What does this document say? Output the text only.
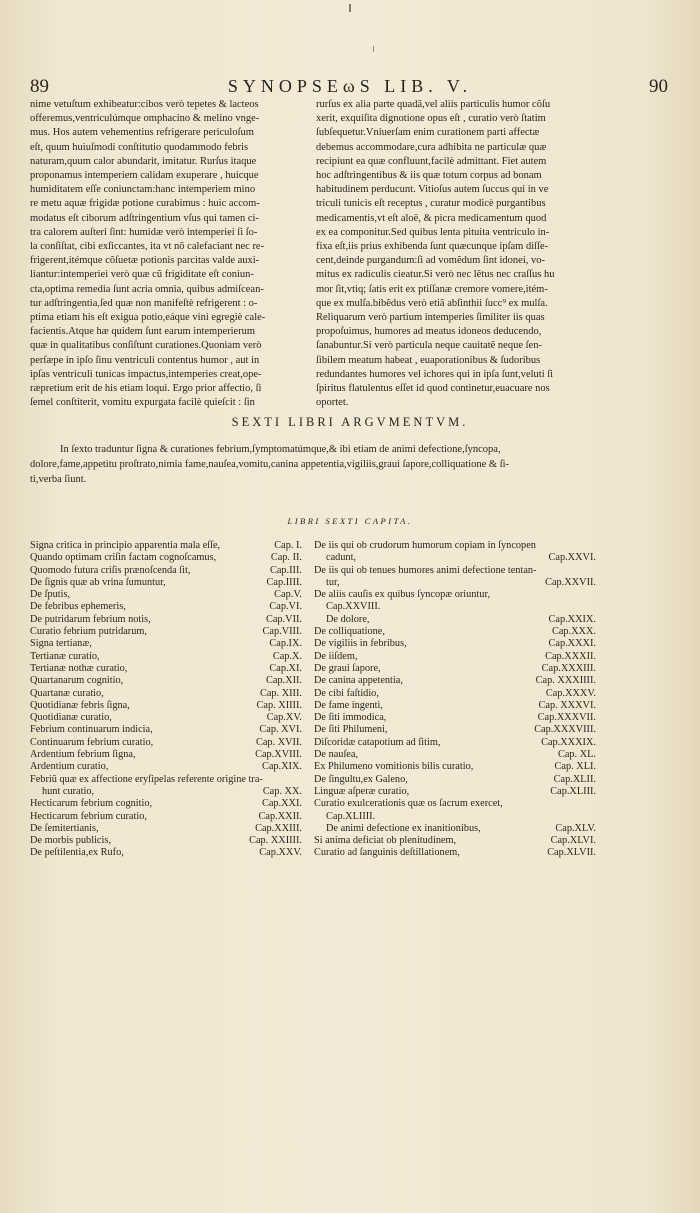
89	SYNOPSEωS LIB. V.	90
nime vetuſtum exhibeatur:cibos verò tepetes & lacteos
offeremus,ventriculúmque omphacino & melino vnge-
mus. Hos autem vehementius refrigerare periculoſum
eſt, quum huiuſmodi conſtitutio quodammodo febris
naturam,quum calor abundarit, imitatur. Rurſus itaque
proponamus intemperiem calidam exuperare , huicque
humiditatem eſſe coniunctam:hanc intemperiem mino
re metu aquæ frigidæ potione curabimus : huic accom-
modatus eſt ciborum adſtringentium vſus qui tamen ci-
tra calorem auſteri ſint: humidæ verò intemperiei ſi ſo-
la conſiſtat, cibi exſiccantes, ita vt nõ calefaciant nec re-
frigerent,itémque cõſuetæ potionis parcitas valde auxi-
liantur:intemperiei verò quæ cũ frigiditate eſt coniun-
cta,optima remedia ſunt acria omnia, quibus admiſcean-
tur adſtringentia,ſed quæ non manifeſtè refrigerent : o-
ptima etiam his eſt exigua potio,eáque vini egregiè cale-
facientis.Atque hæ quidem ſunt earum intemperierum
quæ in qualitatibus conſiſtunt curationes.Quoniam verò
perſæpe in ipſo ſinu ventriculi contentus humor , aut in
ipſas ventriculi tunicas impactus,intemperies creat,ope-
ræpretium erit de his etiam loqui. Ergo prior affectio, ſi
ſemel conſtiterit, vomitu expurgata facilè quieſcit : ſin
rurſus ex alia parte quadã,vel aliis particulis humor cõſu
xerit, exquiſita dignotione opus eſt , curatio verò ſtatim
ſubſequetur.Vniuerſam enim curationem parti affectæ
debemus accommodare,cura adhibita ne particulæ quæ
recipiunt ea quæ confluunt,facilè admittant. Fiet autem
hoc adſtringentibus & iis quæ totum corpus ad bonam
habitudinem perducunt. Vitioſus autem ſuccus qui in ve
triculi tunicis eſt receptus , curatur modicè purgantibus
medicamentis,vt eſt aloë, & picra medicamentum quod
ex ea componitur.Sed quibus lenta pituita ventriculo in-
fixa eſt,iis prius exhibenda ſunt quæcunque ipſam diſſe-
cent,deinde purgandum:ſi ad vomĕdum ſint idonei, vo-
mitus ex radiculis cieatur.Si verò nec lẽtus nec craſſus hu
mor ſit,vtiq; ſatis erit ex ptiſſanæ cremore vomere,itém-
que ex mulſa.bibẽdus verò etiã abſinthii ſucc⁹ ex mulſa.
Reliquarum verò partium intemperies ſimiliter iis quas
propoſuimus, humores ad meatus idoneos deducendo,
ſanabuntur.Si verò particula neque cauitatẽ neque ſen-
ſibilem meatum habeat , euaporationibus & ſudoribus
redundantes humores vel ichores qui in ipſa ſunt,veluti ſi
ſpiritus flatulentus eſſet id quod continetur,euacuare nos
oportet.
SEXTI LIBRI ARGVMENTVM.
In ſexto traduntur ſigna & curationes febrium,ſymptomatúmque,& ibi etiam de animi defectione,ſyncopa,
dolore,fame,appetitu proſtrato,nimia fame,nauſea,vomitu,canina appetentia,vigiliis,graui ſapore,colliquatione & ſi-
ti,verba ſiunt.
LIBRI SEXTI CAPITA.
Signa critica in principio apparentia mala eſſe,	Cap. I.
Quando optimam criſin factam cognoſcamus,	Cap. II.
Quomodo futura criſis prænoſcenda ſit,	Cap.III.
De ſignis quæ ab vrina ſumuntur,	Cap.IIII.
De ſputis,	Cap.V.
De febribus ephemeris,	Cap.VI.
De putridarum febrium notis,	Cap.VII.
Curatio febrium putridarum,	Cap.VIII.
Signa tertianæ,	Cap.IX.
Tertianæ curatio,	Cap.X.
Tertianæ nothæ curatio,	Cap.XI.
Quartanarum cognitio,	Cap.XII.
Quartanæ curatio,	Cap. XIII.
Quotidianæ febris ſigna,	Cap. XIIII.
Quotidianæ curatio,	Cap.XV.
Febrium continuarum indicia,	Cap. XVI.
Continuarum febrium curatio,	Cap. XVII.
Ardentium febrium ſigna,	Cap.XVIII.
Ardentium curatio,	Cap.XIX.
Febriũ quæ ex affectione eryſipelas referente origine tra-
hunt curatio,	Cap. XX.
Hecticarum febrium cognitio,	Cap.XXI.
Hecticarum febrium curatio,	Cap.XXII.
De ſemitertianis,	Cap.XXIII.
De morbis publicis,	Cap. XXIIII.
De peſtilentia,ex Rufo,	Cap.XXV.
De iis qui ob crudorum humorum copiam in ſyncopen
cadunt,	Cap.XXVI.
De iis qui ob tenues humores animi defectione tentan-
tur,	Cap.XXVII.
De aliis cauſis ex quibus ſyncopæ oriuntur,
Cap.XXVIII.
De dolore,	Cap.XXIX.
De colliquatione,	Cap.XXX.
De vigiliis in febribus,	Cap.XXXI.
De iiſdem,	Cap.XXXII.
De graui ſapore,	Cap.XXXIII.
De canina appetentia,	Cap. XXXIIII.
De cibi faſtidio,	Cap.XXXV.
De fame ingenti,	Cap. XXXVI.
De ſiti immodica,	Cap.XXXVII.
De ſiti Philumeni,	Cap.XXXVIII.
Diſcoridæ catapotium ad ſitim,	Cap.XXXIX.
De nauſea,	Cap. XL.
Ex Philumeno vomitionis bilis curatio,	Cap. XLI.
De ſingultu,ex Galeno,	Cap.XLII.
Linguæ aſperæ curatio,	Cap.XLIII.
Curatio exulcerationis quæ os ſacrum exercet,
Cap.XLIIII.
De animi defectione ex inanitionibus,	Cap.XLV.
Si anima deficiat ob plenitudinem,	Cap.XLVI.
Curatio ad ſanguinis deſtillationem,	Cap.XLVII.
